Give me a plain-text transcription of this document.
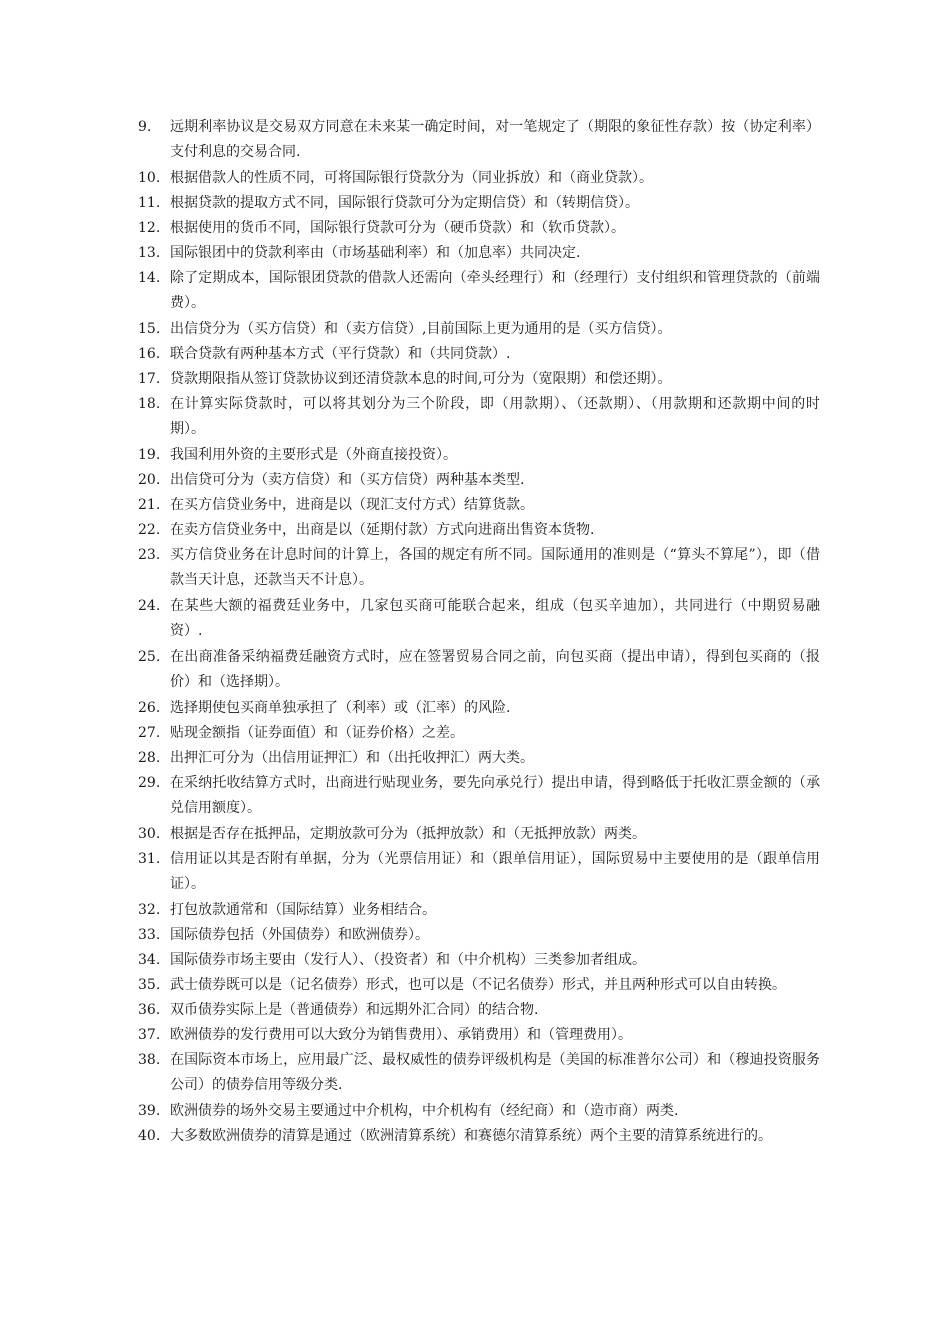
9.	远期利率协议是交易双方同意在未来某一确定时间，对一笔规定了（期限的象征性存款）按（协定利率）支付利息的交易合同.
10. 根据借款人的性质不同，可将国际银行贷款分为（同业拆放）和（商业贷款）。
11. 根据贷款的提取方式不同，国际银行贷款可分为定期信贷）和（转期信贷）。
12. 根据使用的货币不同，国际银行贷款可分为（硬币贷款）和（软币贷款）。
13. 国际银团中的贷款利率由（市场基础利率）和（加息率）共同决定.
14. 除了定期成本，国际银团贷款的借款人还需向（牵头经理行）和（经理行）支付组织和管理贷款的（前端费）。
15. 出信贷分为（买方信贷）和（卖方信贷）,目前国际上更为通用的是（买方信贷）。
16. 联合贷款有两种基本方式（平行贷款）和（共同贷款）.
17. 贷款期限指从签订贷款协议到还清贷款本息的时间,可分为（宽限期）和偿还期）。
18. 在计算实际贷款时，可以将其划分为三个阶段，即（用款期）、（还款期）、（用款期和还款期中间的时期）。
19. 我国利用外资的主要形式是（外商直接投资）。
20. 出信贷可分为（卖方信贷）和（买方信贷）两种基本类型.
21. 在买方信贷业务中，进商是以（现汇支付方式）结算货款。
22. 在卖方信贷业务中，出商是以（延期付款）方式向进商出售资本货物.
23. 买方信贷业务在计息时间的计算上，各国的规定有所不同。国际通用的准则是（“算头不算尾”），即（借款当天计息，还款当天不计息）。
24. 在某些大额的福费廷业务中，几家包买商可能联合起来，组成（包买辛迪加），共同进行（中期贸易融资）.
25. 在出商准备采纳福费廷融资方式时，应在签署贸易合同之前，向包买商（提出申请），得到包买商的（报价）和（选择期）。
26. 选择期使包买商单独承担了（利率）或（汇率）的风险.
27. 贴现金额指（证券面值）和（证券价格）之差。
28. 出押汇可分为（出信用证押汇）和（出托收押汇）两大类。
29. 在采纳托收结算方式时，出商进行贴现业务，要先向承兑行）提出申请，得到略低于托收汇票金额的（承兑信用额度）。
30. 根据是否存在抵押品，定期放款可分为（抵押放款）和（无抵押放款）两类。
31. 信用证以其是否附有单据，分为（光票信用证）和（跟单信用证），国际贸易中主要使用的是（跟单信用证）。
32. 打包放款通常和（国际结算）业务相结合。
33. 国际债券包括（外国债券）和欧洲债券）。
34. 国际债券市场主要由（发行人）、（投资者）和（中介机构）三类参加者组成。
35. 武士债券既可以是（记名债券）形式，也可以是（不记名债券）形式，并且两种形式可以自由转换。
36. 双币债券实际上是（普通债券）和远期外汇合同）的结合物.
37. 欧洲债券的发行费用可以大致分为销售费用）、承销费用）和（管理费用）。
38. 在国际资本市场上，应用最广泛、最权威性的债券评级机构是（美国的标准普尔公司）和（穆迪投资服务公司）的债券信用等级分类.
39. 欧洲债券的场外交易主要通过中介机构，中介机构有（经纪商）和（造市商）两类.
40. 大多数欧洲债券的清算是通过（欧洲清算系统）和赛德尔清算系统）两个主要的清算系统进行的。
